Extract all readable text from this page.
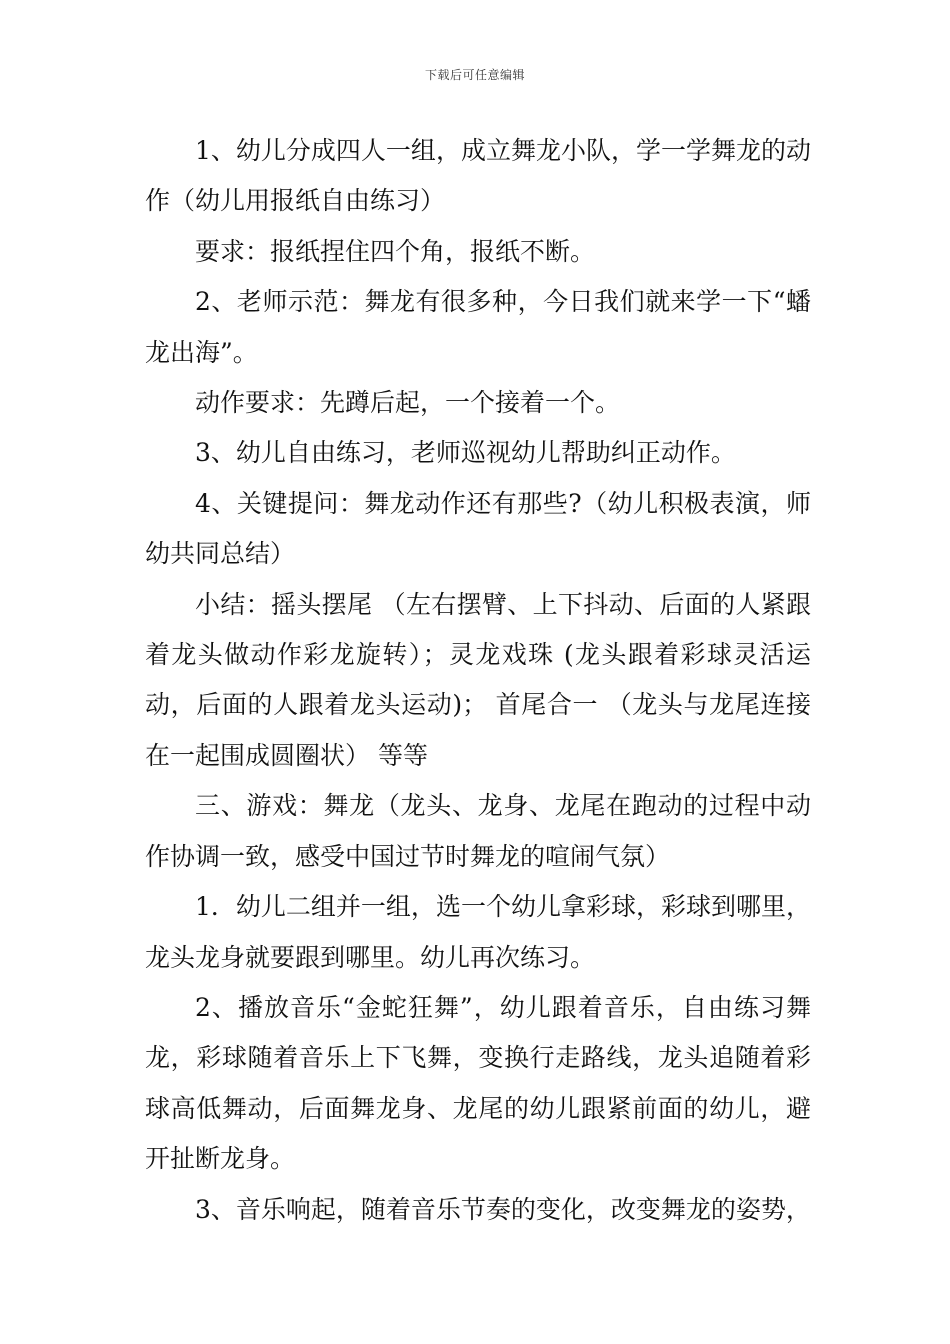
下载后可任意编辑

1、幼儿分成四人一组，成立舞龙小队，学一学舞龙的动作（幼儿用报纸自由练习）

要求：报纸捏住四个角，报纸不断。

2、老师示范：舞龙有很多种，今日我们就来学一下“蟠龙出海”。

动作要求：先蹲后起，一个接着一个。

3、幼儿自由练习，老师巡视幼儿帮助纠正动作。

4、关键提问：舞龙动作还有那些?（幼儿积极表演，师幼共同总结）

小结：摇头摆尾 （左右摆臂、上下抖动、后面的人紧跟着龙头做动作彩龙旋转）；灵龙戏珠 (龙头跟着彩球灵活运动，后面的人跟着龙头运动)； 首尾合一 （龙头与龙尾连接在一起围成圆圈状） 等等

三、游戏：舞龙（龙头、龙身、龙尾在跑动的过程中动作协调一致，感受中国过节时舞龙的喧闹气氛）

1．幼儿二组并一组，选一个幼儿拿彩球，彩球到哪里，龙头龙身就要跟到哪里。幼儿再次练习。

2、播放音乐“金蛇狂舞”，幼儿跟着音乐，自由练习舞龙，彩球随着音乐上下飞舞，变换行走路线，龙头追随着彩球高低舞动，后面舞龙身、龙尾的幼儿跟紧前面的幼儿，避开扯断龙身。

3、音乐响起，随着音乐节奏的变化，改变舞龙的姿势，
